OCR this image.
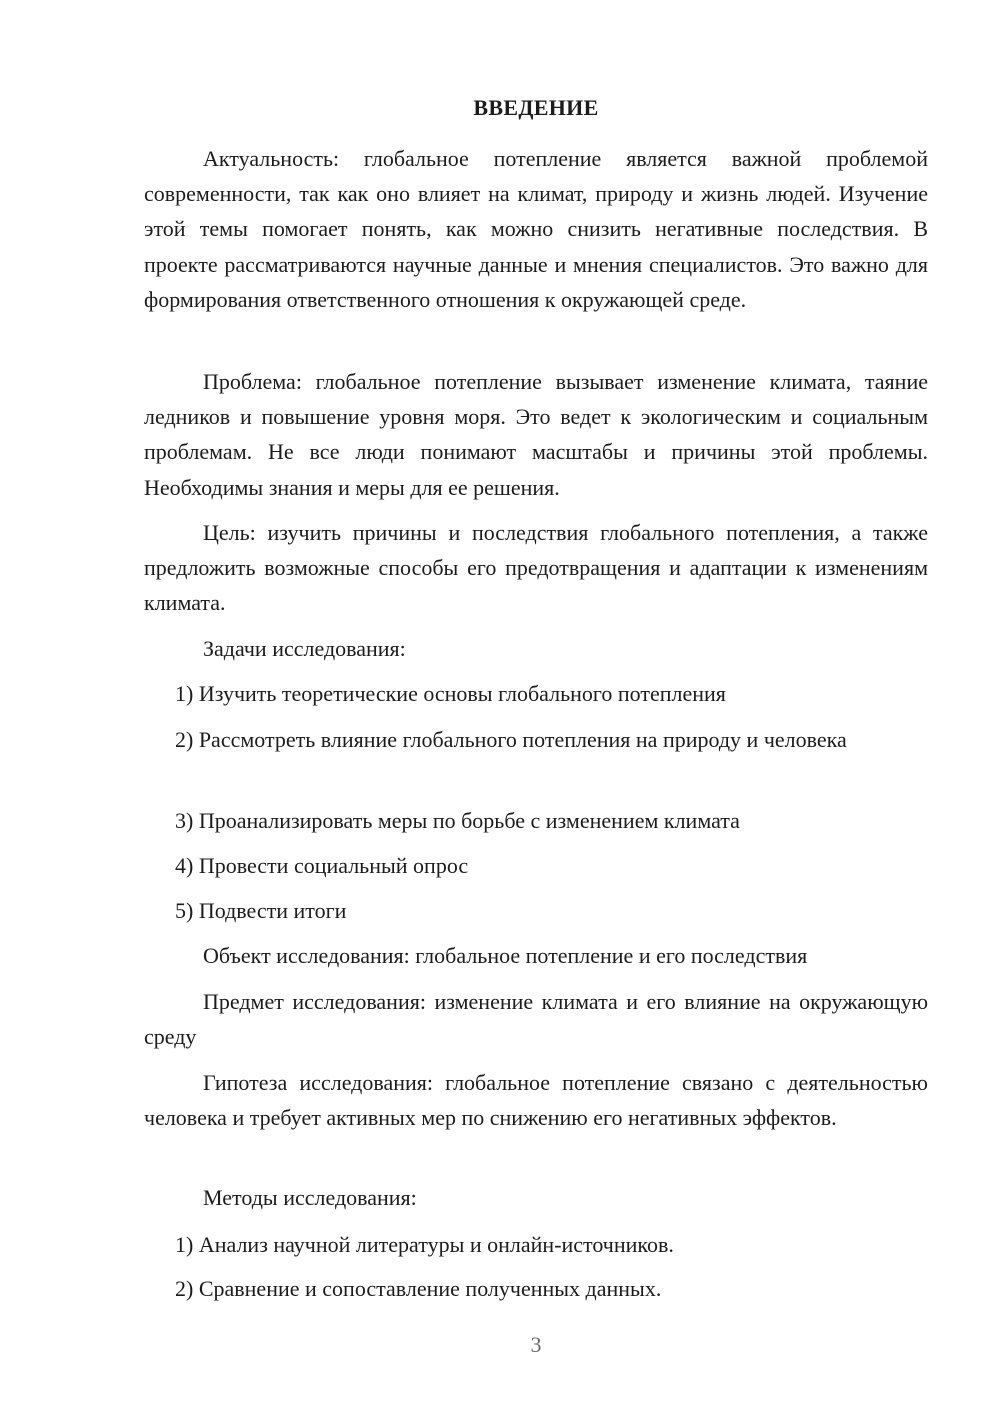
ВВЕДЕНИЕ
Актуальность: глобальное потепление является важной проблемой современности, так как оно влияет на климат, природу и жизнь людей. Изучение этой темы помогает понять, как можно снизить негативные последствия. В проекте рассматриваются научные данные и мнения специалистов. Это важно для формирования ответственного отношения к окружающей среде.
Проблема: глобальное потепление вызывает изменение климата, таяние ледников и повышение уровня моря. Это ведет к экологическим и социальным проблемам. Не все люди понимают масштабы и причины этой проблемы. Необходимы знания и меры для ее решения.
Цель: изучить причины и последствия глобального потепления, а также предложить возможные способы его предотвращения и адаптации к изменениям климата.
Задачи исследования:
1) Изучить теоретические основы глобального потепления
2) Рассмотреть влияние глобального потепления на природу и человека
3) Проанализировать меры по борьбе с изменением климата
4) Провести социальный опрос
5) Подвести итоги
Объект исследования: глобальное потепление и его последствия
Предмет исследования: изменение климата и его влияние на окружающую среду
Гипотеза исследования: глобальное потепление связано с деятельностью человека и требует активных мер по снижению его негативных эффектов.
Методы исследования:
1) Анализ научной литературы и онлайн-источников.
2) Сравнение и сопоставление полученных данных.
3
